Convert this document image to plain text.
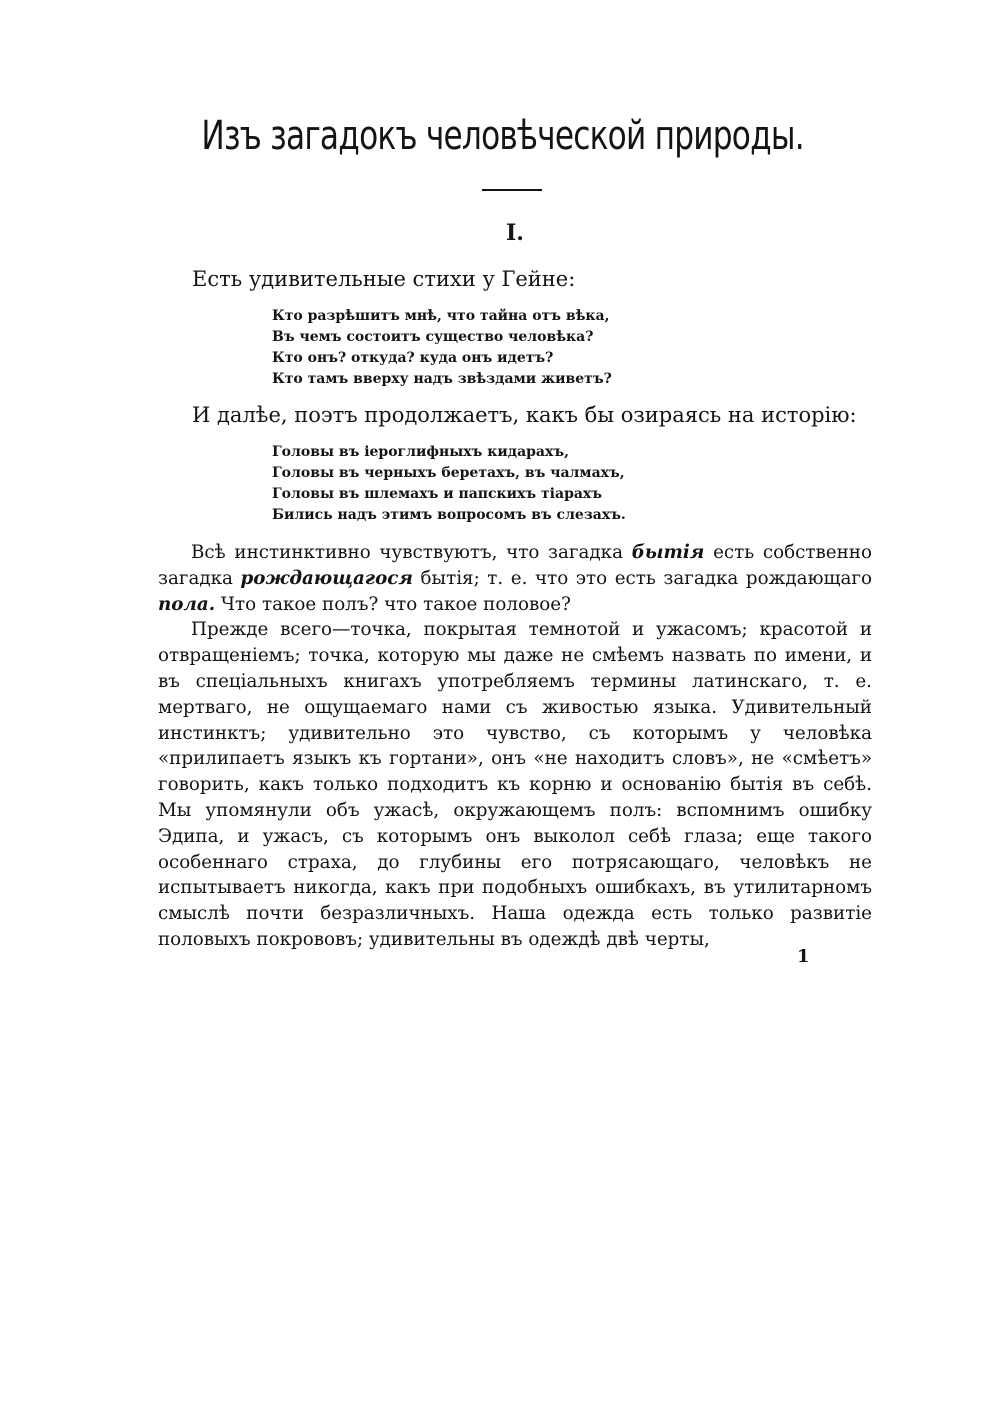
Изъ загадокъ человѣческой природы.
I.
Есть удивительные стихи у Гейне:
Кто разрѣшитъ мнѣ, что тайна отъ вѣка,
Въ чемъ состоитъ существо человѣка?
Кто онъ? откуда? куда онъ идетъ?
Кто тамъ вверху надъ звѣздами живетъ?
И далѣе, поэтъ продолжаетъ, какъ бы озираясь на исторію:
Головы въ іероглифныхъ кидарахъ,
Головы въ черныхъ беретахъ, въ чалмахъ,
Головы въ шлемахъ и папскихъ тіарахъ
Бились надъ этимъ вопросомъ въ слезахъ.

Всѣ инстинктивно чувствуютъ, что загадка бытія есть собственно загадка рождающагося бытія; т. е. что это есть загадка рождающаго пола. Что такое полъ? что такое половое?

Прежде всего—точка, покрытая темнотой и ужасомъ; красотой и отвращеніемъ; точка, которую мы даже не смѣемъ назвать по имени, и въ спеціальныхъ книгахъ употребляемъ термины латинскаго, т. е. мертваго, не ощущаемаго нами съ живостью языка. Удивительный инстинктъ; удивительно это чувство, съ которымъ у человѣка «прилипаетъ языкъ къ гортани», онъ «не находитъ словъ», не «смѣетъ» говорить, какъ только подходитъ къ корню и основанію бытія въ себѣ. Мы упомянули объ ужасѣ, окружающемъ полъ: вспомнимъ ошибку Эдипа, и ужасъ, съ которымъ онъ выколол себѣ глаза; еще такого особеннаго страха, до глубины его потрясающаго, человѣкъ не испытываетъ никогда, какъ при подобныхъ ошибкахъ, въ утилитарномъ смыслѣ почти безразличныхъ. Наша одежда есть только развитіе половыхъ покрововъ; удивительны въ одеждѣ двѣ черты,

1
